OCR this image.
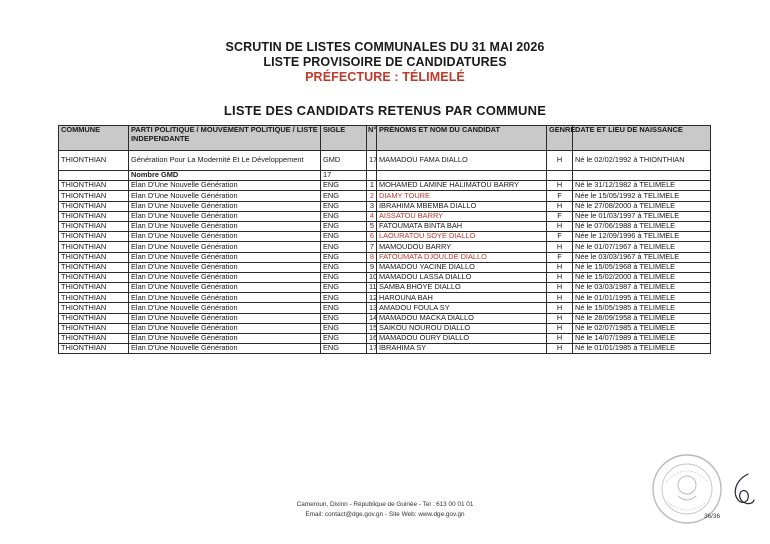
SCRUTIN DE LISTES COMMUNALES DU 31 MAI 2026
LISTE PROVISOIRE DE CANDIDATURES
PRÉFECTURE : TÉLIMELÉ
LISTE DES CANDIDATS RETENUS PAR COMMUNE
COMMUNE	PARTI POLITIQUE / MOUVEMENT POLITIQUE / LISTE INDEPENDANTE	SIGLE	N°	PRÉNOMS ET NOM DU CANDIDAT	GENRE	DATE ET LIEU DE NAISSANCE
THIONTHIAN	Génération Pour La Modernité Et Le Développement	GMD	17	MAMADOU FAMA DIALLO	H	Né le 02/02/1992 à THIONTHIAN
	Nombre GMD	17				
THIONTHIAN	Elan D'Une Nouvelle Génération	ENG	1	MOHAMED LAMINE HALIMATOU BARRY	H	Né le 31/12/1982 à TELIMELE
THIONTHIAN	Elan D'Une Nouvelle Génération	ENG	2	DIAMY TOURE	F	Née le 15/05/1992 à TELIMELE
THIONTHIAN	Elan D'Une Nouvelle Génération	ENG	3	IBRAHIMA MBEMBA DIALLO	H	Né le 27/08/2000 à TELIMELE
THIONTHIAN	Elan D'Une Nouvelle Génération	ENG	4	AISSATOU BARRY	F	Née le 01/03/1997 à TELIMELE
THIONTHIAN	Elan D'Une Nouvelle Génération	ENG	5	FATOUMATA BINTA BAH	H	Né le 07/06/1988 à TELIMELE
THIONTHIAN	Elan D'Une Nouvelle Génération	ENG	6	LAOURATOU SOYE DIALLO	F	Née le 12/09/1996 à TELIMELE
THIONTHIAN	Elan D'Une Nouvelle Génération	ENG	7	MAMOUDOU BARRY	H	Né le 01/07/1967 à TELIMELE
THIONTHIAN	Elan D'Une Nouvelle Génération	ENG	8	FATOUMATA DJOULDE DIALLO	F	Née le 03/03/1967 à TELIMELE
THIONTHIAN	Elan D'Une Nouvelle Génération	ENG	9	MAMADOU YACINE DIALLO	H	Né le 15/05/1968 à TELIMELE
THIONTHIAN	Elan D'Une Nouvelle Génération	ENG	10	MAMADOU LASSA DIALLO	H	Né le 15/02/2000 à TELIMELE
THIONTHIAN	Elan D'Une Nouvelle Génération	ENG	11	SAMBA BHOYE DIALLO	H	Né le 03/03/1987 à TELIMELE
THIONTHIAN	Elan D'Une Nouvelle Génération	ENG	12	HAROUNA BAH	H	Né le 01/01/1995 à TELIMELE
THIONTHIAN	Elan D'Une Nouvelle Génération	ENG	13	AMADOU FOULA SY	H	Né le 15/05/1985 à TELIMELE
THIONTHIAN	Elan D'Une Nouvelle Génération	ENG	14	MAMADOU MACKA DIALLO	H	Né le 28/09/1958 à TELIMELE
THIONTHIAN	Elan D'Une Nouvelle Génération	ENG	15	SAIKOU NOUROU DIALLO	H	Né le 02/07/1985 à TELIMELE
THIONTHIAN	Elan D'Une Nouvelle Génération	ENG	16	MAMADOU OURY DIALLO	H	Né le 14/07/1989 à TELIMELE
THIONTHIAN	Elan D'Une Nouvelle Génération	ENG	17	IBRAHIMA SY	H	Né le 01/01/1985 à TELIMELE
Cameroun, Dixinn - République de Guinée - Tel : 613 00 01 01
Email: contact@dge.gov.gn - Site Web: www.dge.gov.gn	36/36
